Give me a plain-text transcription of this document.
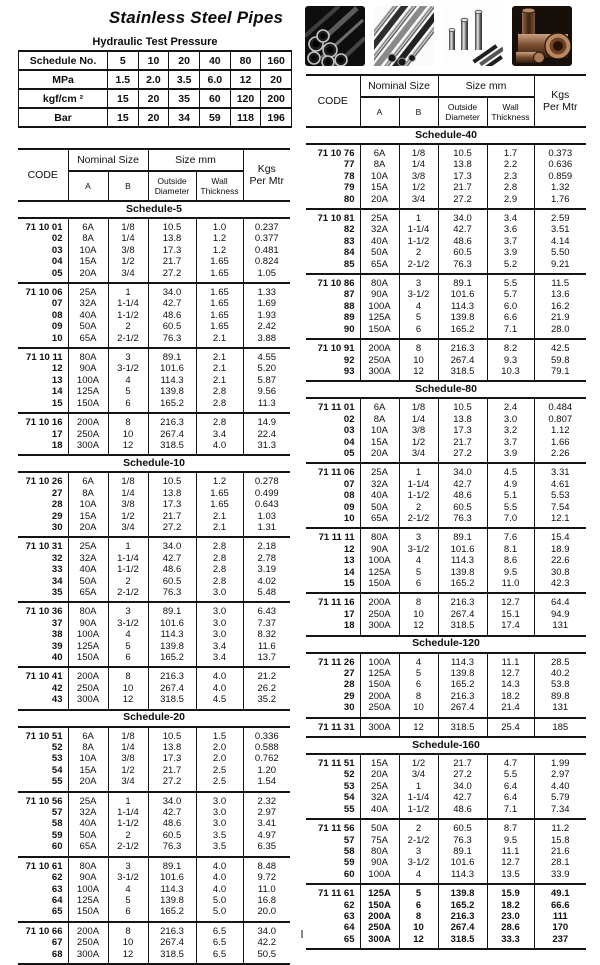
Stainless Steel Pipes
Hydraulic Test Pressure
Schedule No.	5	10	20	40	80	160
MPa	1.5	2.0	3.5	6.0	12	20
kgf/cm ²	15	20	35	60	120	200
Bar	15	20	34	59	118	196
CODE	Nominal Size		Size mm		Kgs
Per Mtr

A	B	Outside
Diameter

Wall
Thickness

Schedule-5					
71 10 01	6A	1/8	10.5	1.0	0.237
02	8A	1/4	13.8	1.2	0.377
03	10A	3/8	17.3	1.2	0.481
04	15A	1/2	21.7	1.65	0.824
05	20A	3/4	27.2	1.65	1.05
71 10 06	25A	1	34.0	1.65	1.33
07	32A	1-1/4	42.7	1.65	1.69
08	40A	1-1/2	48.6	1.65	1.93
09	50A	2	60.5	1.65	2.42
10	65A	2-1/2	76.3	2.1	3.88
71 10 11	80A	3	89.1	2.1	4.55
12	90A	3-1/2	101.6	2.1	5.20
13	100A	4	114.3	2.1	5.87
14	125A	5	139.8	2.8	9.56
15	150A	6	165.2	2.8	11.3
71 10 16	200A	8	216.3	2.8	14.9
17	250A	10	267.4	3.4	22.4
18	300A	12	318.5	4.0	31.3
Schedule-10					
71 10 26	6A	1/8	10.5	1.2	0.278
27	8A	1/4	13.8	1.65	0.499
28	10A	3/8	17.3	1.65	0.643
29	15A	1/2	21.7	2.1	1.03
30	20A	3/4	27.2	2.1	1.31
71 10 31	25A	1	34.0	2.8	2.18
32	32A	1-1/4	42.7	2.8	2.78
33	40A	1-1/2	48.6	2.8	3.19
34	50A	2	60.5	2.8	4.02
35	65A	2-1/2	76.3	3.0	5.48
71 10 36	80A	3	89.1	3.0	6.43
37	90A	3-1/2	101.6	3.0	7.37
38	100A	4	114.3	3.0	8.32
39	125A	5	139.8	3.4	11.6
40	150A	6	165.2	3.4	13.7
71 10 41	200A	8	216.3	4.0	21.2
42	250A	10	267.4	4.0	26.2
43	300A	12	318.5	4.5	35.2
Schedule-20					
71 10 51	6A	1/8	10.5	1.5	0.336
52	8A	1/4	13.8	2.0	0.588
53	10A	3/8	17.3	2.0	0.762
54	15A	1/2	21.7	2.5	1.20
55	20A	3/4	27.2	2.5	1.54
71 10 56	25A	1	34.0	3.0	2.32
57	32A	1-1/4	42.7	3.0	2.97
58	40A	1-1/2	48.6	3.0	3.41
59	50A	2	60.5	3.5	4.97
60	65A	2-1/2	76.3	3.5	6.35
71 10 61	80A	3	89.1	4.0	8.48
62	90A	3-1/2	101.6	4.0	9.72
63	100A	4	114.3	4.0	11.0
64	125A	5	139.8	5.0	16.8
65	150A	6	165.2	5.0	20.0
71 10 66	200A	8	216.3	6.5	34.0
67	250A	10	267.4	6.5	42.2
68	300A	12	318.5	6.5	50.5
CODE	Nominal Size		Size mm		Kgs
Per Mtr

A	B	Outside
Diameter

Wall
Thickness

Schedule-40					
71 10 76	6A	1/8	10.5	1.7	0.373
77	8A	1/4	13.8	2.2	0.636
78	10A	3/8	17.3	2.3	0.859
79	15A	1/2	21.7	2.8	1.32
80	20A	3/4	27.2	2.9	1.76
71 10 81	25A	1	34.0	3.4	2.59
82	32A	1-1/4	42.7	3.6	3.51
83	40A	1-1/2	48.6	3.7	4.14
84	50A	2	60.5	3.9	5.50
85	65A	2-1/2	76.3	5.2	9.21
71 10 86	80A	3	89.1	5.5	11.5
87	90A	3-1/2	101.6	5.7	13.6
88	100A	4	114.3	6.0	16.2
89	125A	5	139.8	6.6	21.9
90	150A	6	165.2	7.1	28.0
71 10 91	200A	8	216.3	8.2	42.5
92	250A	10	267.4	9.3	59.8
93	300A	12	318.5	10.3	79.1
Schedule-80					
71 11 01	6A	1/8	10.5	2.4	0.484
02	8A	1/4	13.8	3.0	0.807
03	10A	3/8	17.3	3.2	1.12
04	15A	1/2	21.7	3.7	1.66
05	20A	3/4	27.2	3.9	2.26
71 11 06	25A	1	34.0	4.5	3.31
07	32A	1-1/4	42.7	4.9	4.61
08	40A	1-1/2	48.6	5.1	5.53
09	50A	2	60.5	5.5	7.54
10	65A	2-1/2	76.3	7.0	12.1
71 11 11	80A	3	89.1	7.6	15.4
12	90A	3-1/2	101.6	8.1	18.9
13	100A	4	114.3	8.6	22.6
14	125A	5	139.8	9.5	30.8
15	150A	6	165.2	11.0	42.3
71 11 16	200A	8	216.3	12.7	64.4
17	250A	10	267.4	15.1	94.9
18	300A	12	318.5	17.4	131
Schedule-120					
71 11 26	100A	4	114.3	11.1	28.5
27	125A	5	139.8	12.7	40.2
28	150A	6	165.2	14.3	53.8
29	200A	8	216.3	18.2	89.8
30	250A	10	267.4	21.4	131
71 11 31	300A	12	318.5	25.4	185
Schedule-160					
71 11 51	15A	1/2	21.7	4.7	1.99
52	20A	3/4	27.2	5.5	2.97
53	25A	1	34.0	6.4	4.40
54	32A	1-1/4	42.7	6.4	5.79
55	40A	1-1/2	48.6	7.1	7.34
71 11 56	50A	2	60.5	8.7	11.2
57	75A	2-1/2	76.3	9.5	15.8
58	80A	3	89.1	11.1	21.6
59	90A	3-1/2	101.6	12.7	28.1
60	100A	4	114.3	13.5	33.9
71 11 61	125A	5	139.8	15.9	49.1
62	150A	6	165.2	18.2	66.6
63	200A	8	216.3	23.0	111
64	250A	10	267.4	28.6	170
65	300A	12	318.5	33.3	237
